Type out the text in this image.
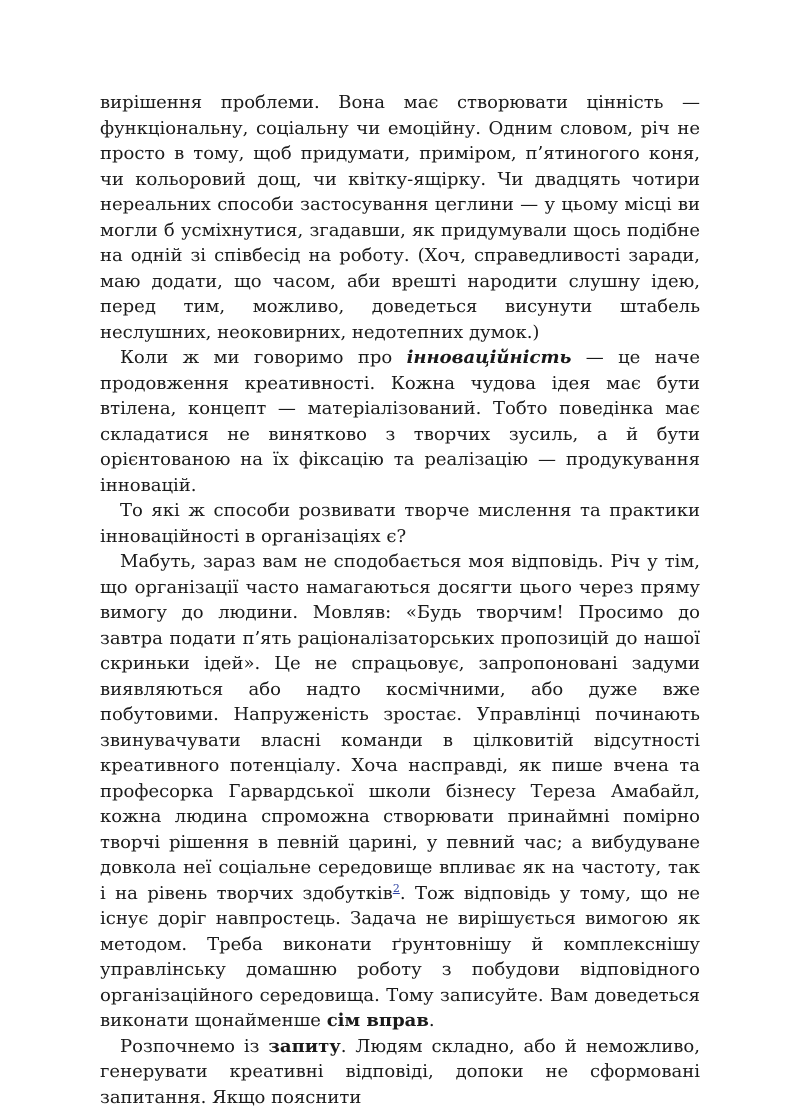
вирішення проблеми. Вона має створювати цінність — функціональну, соціальну чи емоційну. Одним словом, річ не просто в тому, щоб придумати, приміром, п’ятиногого коня, чи кольоровий дощ, чи квітку-ящірку. Чи двадцять чотири нереальних способи застосування цеглини — у цьому місці ви могли б усміхнутися, згадавши, як придумували щось подібне на одній зі співбесід на роботу. (Хоч, справедливості заради, маю додати, що часом, аби врешті народити слушну ідею, перед тим, можливо, доведеться висунути штабель неслушних, неоковирних, недотепних думок.)

Коли ж ми говоримо про інноваційність — це наче продовження креативності. Кожна чудова ідея має бути втілена, концепт — матеріалізований. Тобто поведінка має складатися не винятково з творчих зусиль, а й бути орієнтованою на їх фіксацію та реалізацію — продукування інновацій.

То які ж способи розвивати творче мислення та практики інноваційності в організаціях є?

Мабуть, зараз вам не сподобається моя відповідь. Річ у тім, що організації часто намагаються досягти цього через пряму вимогу до людини. Мовляв: «Будь творчим! Просимо до завтра подати п’ять раціоналізаторських пропозицій до нашої скриньки ідей». Це не спрацьовує, запропоновані задуми виявляються або надто космічними, або дуже вже побутовими. Напруженість зростає. Управлінці починають звинувачувати власні команди в цілковитій відсутності креативного потенціалу. Хоча насправді, як пише вчена та професорка Гарвардської школи бізнесу Тереза Амабайл, кожна людина спроможна створювати принаймні помірно творчі рішення в певній царині, у певний час; а вибудуване довкола неї соціальне середовище впливає як на частоту, так і на рівень творчих здобутків$^2$. Тож відповідь у тому, що не існує доріг навпростець. Задача не вирішується вимогою як методом. Треба виконати ґрунтовнішу й комплекснішу управлінську домашню роботу з побудови відповідного організаційного середовища. Тому записуйте. Вам доведеться виконати щонайменше сім вправ.

Розпочнемо із запиту. Людям складно, або й неможливо, генерувати креативні відповіді, допоки не сформовані запитання. Якщо пояснити
